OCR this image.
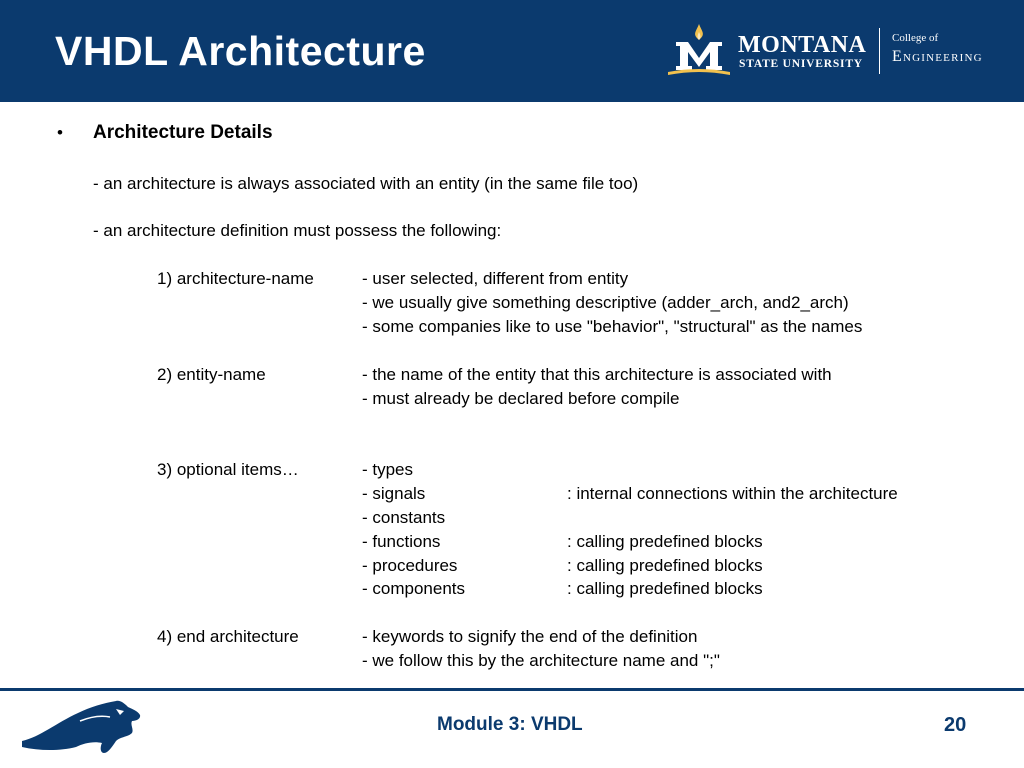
VHDL Architecture	MONTANA
STATE UNIVERSITY
College of
Engineering
• Architecture Details
- an architecture is always associated with an entity (in the same file too)
- an architecture definition must possess the following:
1) architecture-name	- user selected, different from entity
- we usually give something descriptive (adder_arch, and2_arch)
- some companies like to use "behavior", "structural" as the names
2) entity-name	- the name of the entity that this architecture is associated with
- must already be declared before compile
3) optional items…	- types
- signals	: internal connections within the architecture
- constants
- functions	: calling predefined blocks
- procedures	: calling predefined blocks
- components	: calling predefined blocks
4) end architecture	- keywords to signify the end of the definition
- we follow this by the architecture name and ";"
Module 3: VHDL	20
